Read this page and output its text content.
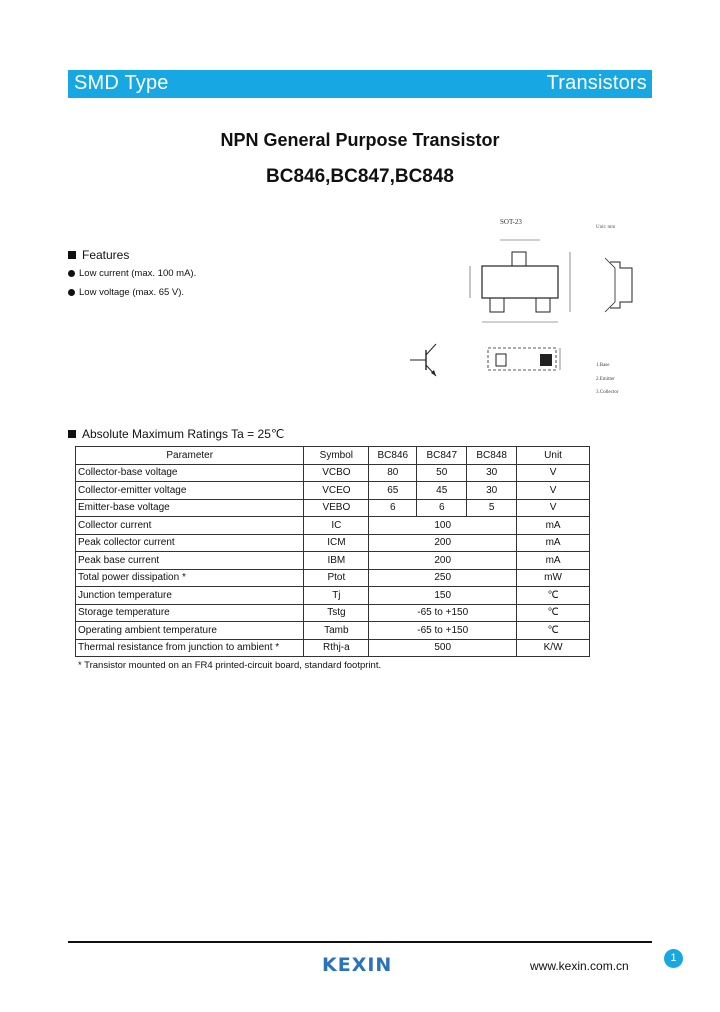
SMD Type	Transistors
NPN General Purpose Transistor
BC846,BC847,BC848
Features
Low current (max. 100 mA).
Low voltage (max. 65 V).
SOT-23
Unit: mm
1.Base
2.Emitter
3.Collector
Absolute Maximum Ratings Ta = 25℃
Parameter	Symbol	BC846	BC847	BC848	Unit
Collector-base voltage	VCBO	80	50	30	V
Collector-emitter voltage	VCEO	65	45	30	V
Emitter-base voltage	VEBO	6	6	5	V
Collector current	IC	100			mA
Peak collector current	ICM	200			mA
Peak base current	IBM	200			mA
Total power dissipation *	Ptot	250			mW
Junction temperature	Tj	150			℃
Storage temperature	Tstg	-65 to +150			℃
Operating ambient temperature	Tamb	-65 to +150			℃
Thermal resistance from junction to ambient *	Rthj-a	500			K/W
* Transistor mounted on an FR4 printed-circuit board, standard footprint.
KEXIN	www.kexin.com.cn
1
